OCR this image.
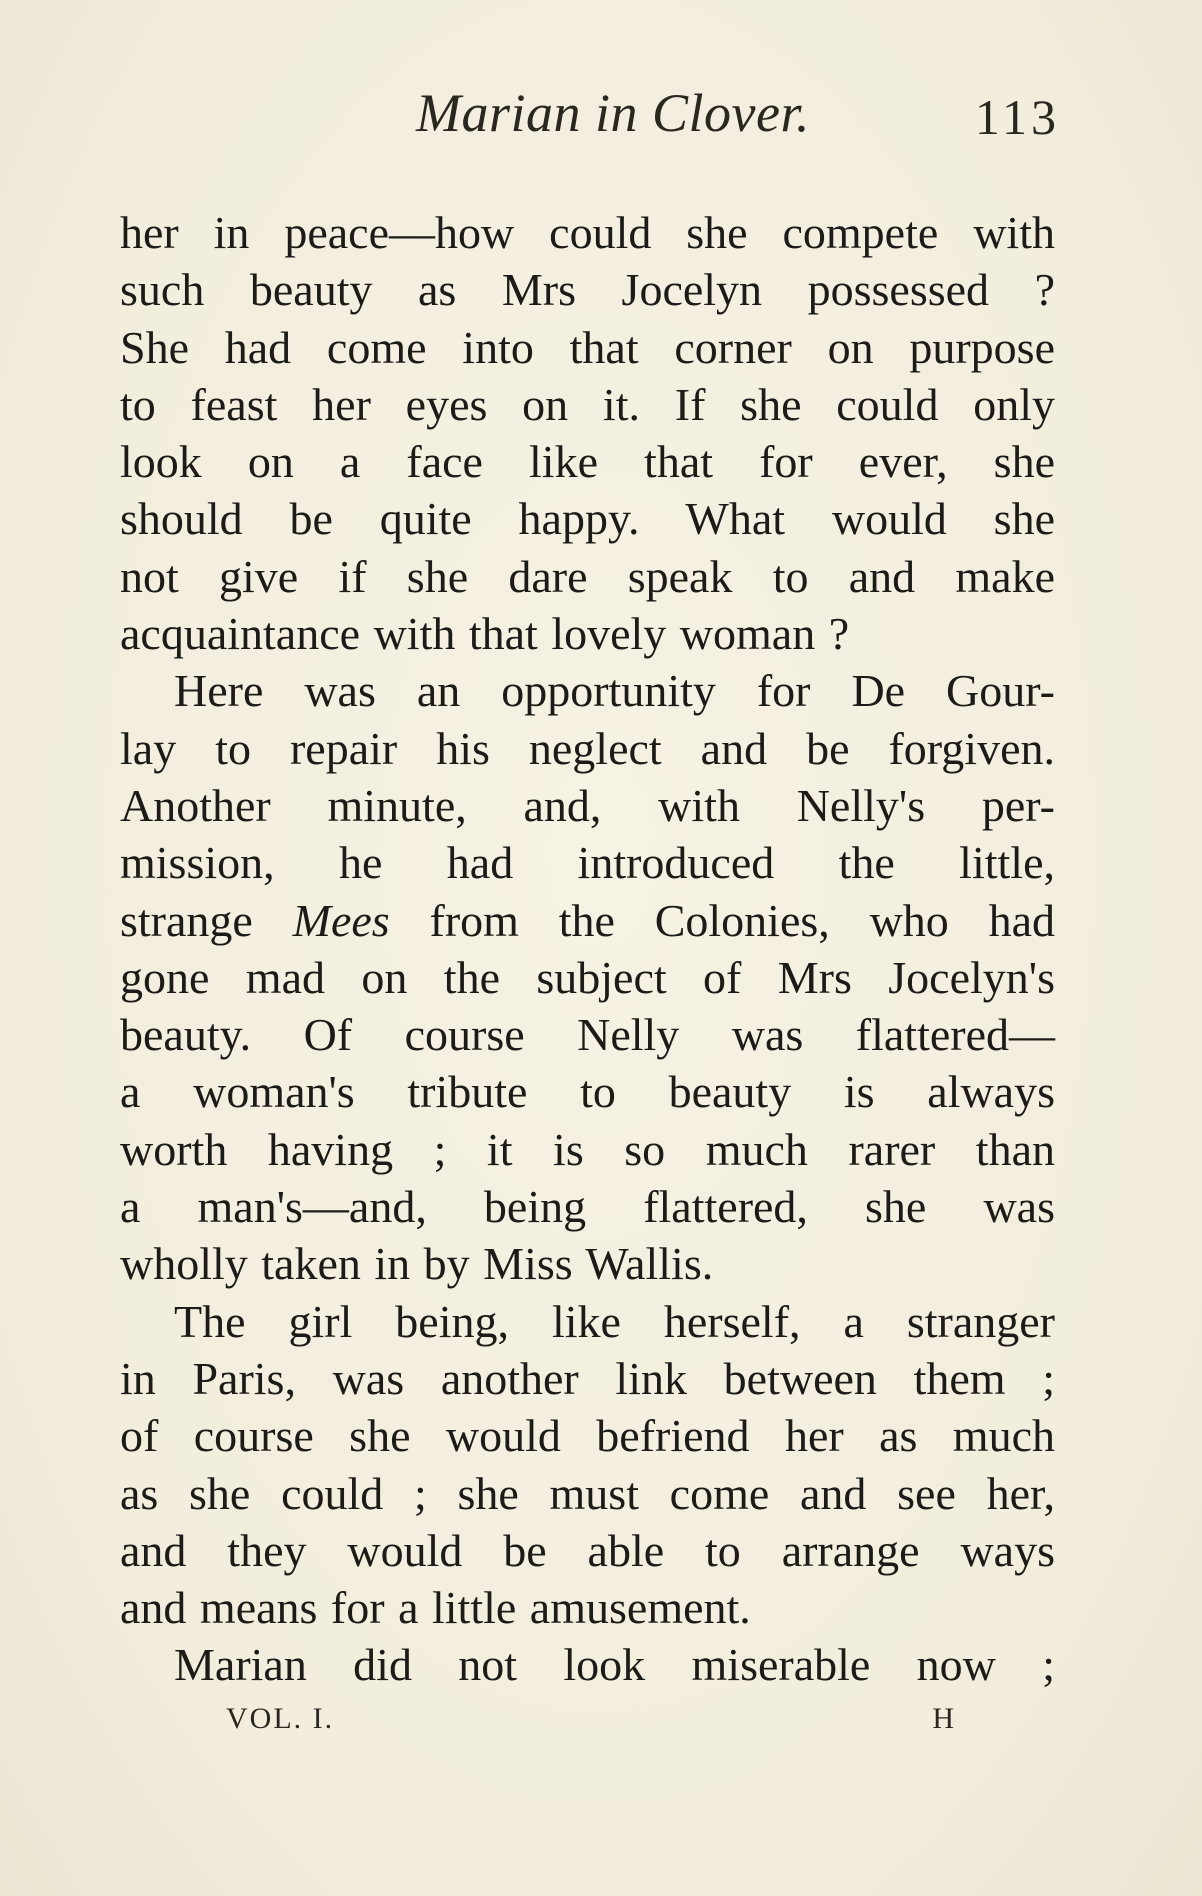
Marian in Clover.	113
her in peace—how could she compete with
such beauty as Mrs Jocelyn possessed ?
She had come into that corner on purpose
to feast her eyes on it. If she could only
look on a face like that for ever, she
should be quite happy. What would she
not give if she dare speak to and make
acquaintance with that lovely woman ?
Here was an opportunity for De Gour-
lay to repair his neglect and be forgiven.
Another minute, and, with Nelly's per-
mission, he had introduced the little,
strange Mees from the Colonies, who had
gone mad on the subject of Mrs Jocelyn's
beauty. Of course Nelly was flattered—
a woman's tribute to beauty is always
worth having ; it is so much rarer than
a man's—and, being flattered, she was
wholly taken in by Miss Wallis.
The girl being, like herself, a stranger
in Paris, was another link between them ;
of course she would befriend her as much
as she could ; she must come and see her,
and they would be able to arrange ways
and means for a little amusement.
Marian did not look miserable now ;
VOL. I.	H
